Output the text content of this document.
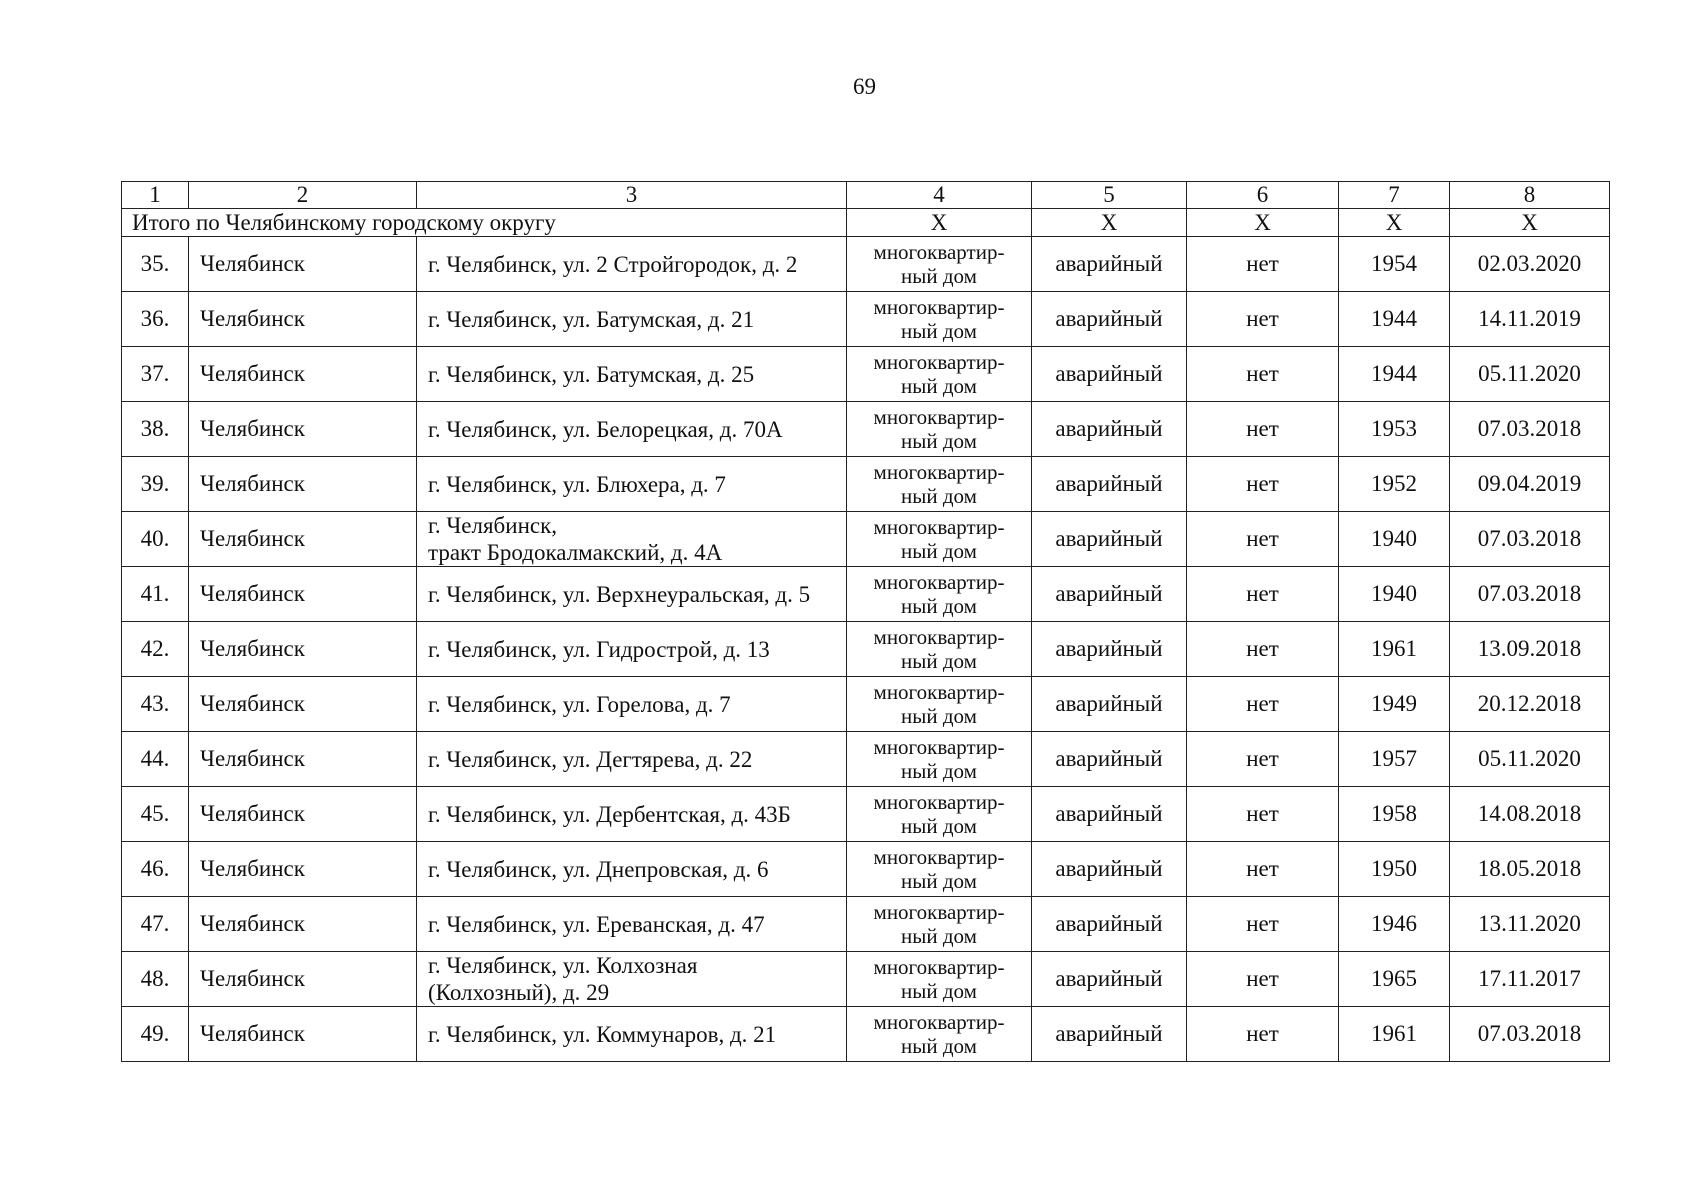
69
1	2	3	4	5	6	7	8
Итого по Челябинскому городскому округу			Х	Х	Х	Х	Х
35.	Челябинск	г. Челябинск, ул. 2 Стройгородок, д. 2	многоквартир-
ный дом	аварийный	нет	1954	02.03.2020
36.	Челябинск	г. Челябинск, ул. Батумская, д. 21	многоквартир-
ный дом	аварийный	нет	1944	14.11.2019
37.	Челябинск	г. Челябинск, ул. Батумская, д. 25	многоквартир-
ный дом	аварийный	нет	1944	05.11.2020
38.	Челябинск	г. Челябинск, ул. Белорецкая, д. 70А	многоквартир-
ный дом	аварийный	нет	1953	07.03.2018
39.	Челябинск	г. Челябинск, ул. Блюхера, д. 7	многоквартир-
ный дом	аварийный	нет	1952	09.04.2019
40.	Челябинск	г. Челябинск,
тракт Бродокалмакский, д. 4А	многоквартир-
ный дом	аварийный	нет	1940	07.03.2018
41.	Челябинск	г. Челябинск, ул. Верхнеуральская, д. 5	многоквартир-
ный дом	аварийный	нет	1940	07.03.2018
42.	Челябинск	г. Челябинск, ул. Гидрострой, д. 13	многоквартир-
ный дом	аварийный	нет	1961	13.09.2018
43.	Челябинск	г. Челябинск, ул. Горелова, д. 7	многоквартир-
ный дом	аварийный	нет	1949	20.12.2018
44.	Челябинск	г. Челябинск, ул. Дегтярева, д. 22	многоквартир-
ный дом	аварийный	нет	1957	05.11.2020
45.	Челябинск	г. Челябинск, ул. Дербентская, д. 43Б	многоквартир-
ный дом	аварийный	нет	1958	14.08.2018
46.	Челябинск	г. Челябинск, ул. Днепровская, д. 6	многоквартир-
ный дом	аварийный	нет	1950	18.05.2018
47.	Челябинск	г. Челябинск, ул. Ереванская, д. 47	многоквартир-
ный дом	аварийный	нет	1946	13.11.2020
48.	Челябинск	г. Челябинск, ул. Колхозная
(Колхозный), д. 29	многоквартир-
ный дом	аварийный	нет	1965	17.11.2017
49.	Челябинск	г. Челябинск, ул. Коммунаров, д. 21	многоквартир-
ный дом	аварийный	нет	1961	07.03.2018
